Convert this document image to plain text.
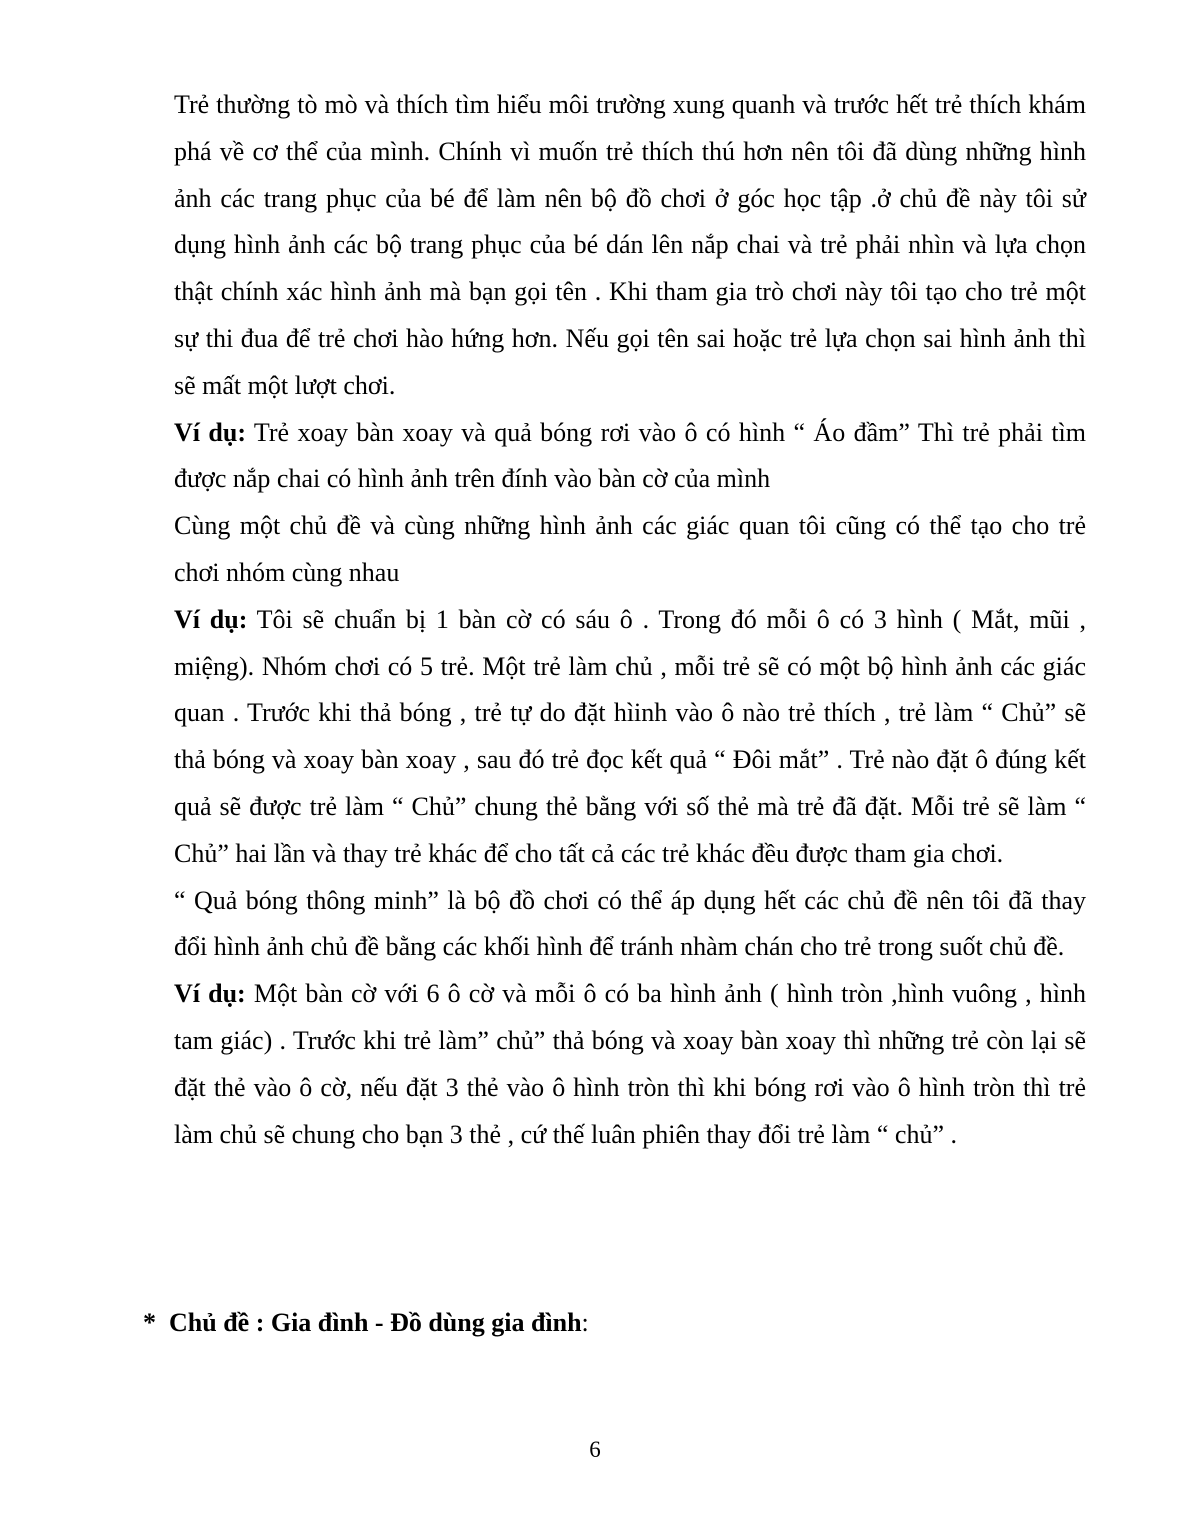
Trẻ thường tò mò và thích tìm hiểu môi trường xung quanh và trước hết trẻ thích khám phá về cơ thể của mình. Chính vì muốn trẻ thích thú hơn nên tôi đã dùng những hình ảnh các trang phục của bé để làm nên bộ đồ chơi ở góc học tập .ở chủ đề này tôi sử dụng hình ảnh các bộ trang phục của bé dán lên nắp chai và trẻ phải nhìn và lựa chọn thật chính xác hình ảnh mà bạn gọi tên . Khi tham gia trò chơi này tôi tạo cho trẻ một sự thi đua để trẻ chơi hào hứng hơn. Nếu gọi tên sai hoặc trẻ lựa chọn sai hình ảnh thì sẽ mất một lượt chơi.

Ví dụ: Trẻ xoay bàn xoay và quả bóng rơi vào ô có hình “ Áo đầm” Thì trẻ phải tìm được nắp chai có hình ảnh trên đính vào bàn cờ của mình

Cùng một chủ đề và cùng những hình ảnh các giác quan tôi cũng có thể tạo cho trẻ chơi nhóm cùng nhau

Ví dụ: Tôi sẽ chuẩn bị 1 bàn cờ có sáu ô . Trong đó mỗi ô có 3 hình ( Mắt, mũi , miệng). Nhóm chơi có 5 trẻ. Một trẻ làm chủ , mỗi trẻ sẽ có một bộ hình ảnh các giác quan . Trước khi thả bóng , trẻ tự do đặt hìinh vào ô nào trẻ thích , trẻ làm “ Chủ” sẽ thả bóng và xoay bàn xoay , sau đó trẻ đọc kết quả “ Đôi mắt” . Trẻ nào đặt ô đúng kết quả sẽ được trẻ làm “ Chủ” chung thẻ bằng với số thẻ mà trẻ đã đặt. Mỗi trẻ sẽ làm “ Chủ” hai lần và thay trẻ khác để cho tất cả các trẻ khác đều được tham gia chơi.

“ Quả bóng thông minh” là bộ đồ chơi có thể áp dụng hết các chủ đề nên tôi đã thay đổi hình ảnh chủ đề bằng các khối hình để tránh nhàm chán cho trẻ trong suốt chủ đề.

Ví dụ: Một bàn cờ với 6 ô cờ và mỗi ô có ba hình ảnh ( hình tròn ,hình vuông , hình tam giác) . Trước khi trẻ làm” chủ” thả bóng và xoay bàn xoay thì những trẻ còn lại sẽ đặt thẻ vào ô cờ, nếu đặt 3 thẻ vào ô hình tròn thì khi bóng rơi vào ô hình tròn thì trẻ làm chủ sẽ chung cho bạn 3 thẻ , cứ thế luân phiên thay đổi trẻ làm “ chủ” .

* Chủ đề : Gia đình - Đồ dùng gia đình:
6
